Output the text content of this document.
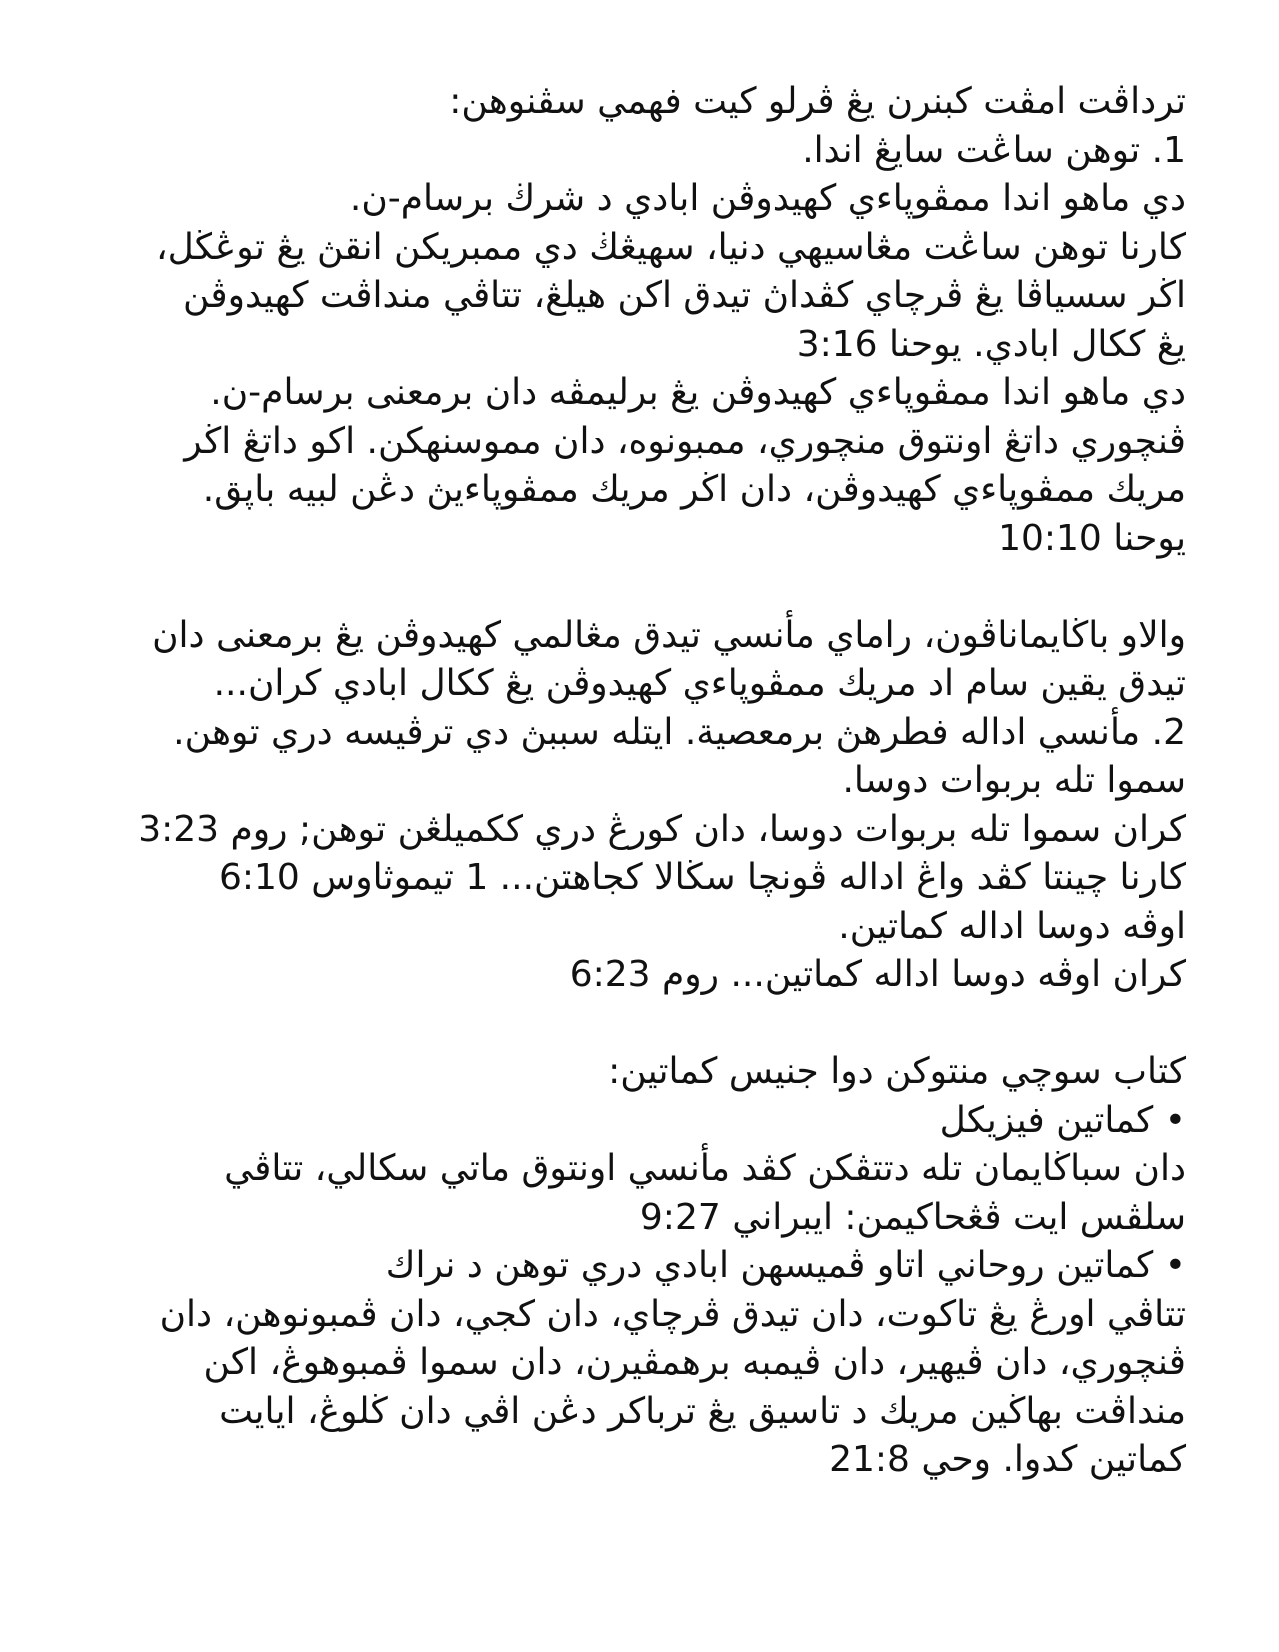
ترداڤت امڤت كبنرن يڠ ڤرلو كيت فهمي سڤنوهن:
1. توهن ساڠت سايڠ اندا.
دي ماهو اندا ممڤوڽاءي كهيدوڤن ابادي د شرڬ برسام-ن.
كارنا توهن ساڠت مڠاسيهي دنيا، سهيڠڬ دي ممبريكن انقڽ يڠ توڠڬل،
اڬر سسياڤا يڠ ڤرچاي كڤداڽ تيدق اكن هيلڠ، تتاڤي منداڤت كهيدوڤن
يڠ ككال ابادي. يوحنا 3:16
دي ماهو اندا ممڤوڽاءي كهيدوڤن يڠ برليمڤه دان برمعنى برسام-ن.
ڤنچوري داتڠ اونتوق منچوري، ممبونوه، دان مموسنهكن. اكو داتڠ اڬر
مريك ممڤوڽاءي كهيدوڤن، دان اڬر مريك ممڤوڽاءيڽ دڠن لبيه باڽق.
يوحنا 10:10
والاو باڬايماناڤون، راماي مأنسي تيدق مڠالمي كهيدوڤن يڠ برمعنى دان
تيدق يقين سام اد مريك ممڤوڽاءي كهيدوڤن يڠ ككال ابادي كران...
2. مأنسي اداله فطرهڽ برمعصية. ايتله سببڽ دي ترڤيسه دري توهن.
سموا تله بربوات دوسا.
كران سموا تله بربوات دوسا، دان كورڠ دري ككميلڠن توهن; روم 3:23
كارنا چينتا كڤد واڠ اداله ڤونچا سڬالا كجاهتن... 1 تيموثاوس 6:10
اوڤه دوسا اداله كماتين.
كران اوڤه دوسا اداله كماتين... روم 6:23
كتاب سوچي منتوكن دوا جنيس كماتين:
• كماتين فيزيكل
دان سباڬايمان تله دتتڤكن كڤد مأنسي اونتوق ماتي سكالي، تتاڤي
سلڤس ايت ڤڠحاكيمن: ايبراني 9:27
• كماتين روحاني اتاو ڤميسهن ابادي دري توهن د نراك
تتاڤي اورڠ يڠ تاكوت، دان تيدق ڤرچاي، دان كجي، دان ڤمبونوهن، دان
ڤنچوري، دان ڤيهير، دان ڤيمبه برهمڤيرن، دان سموا ڤمبوهوڠ، اكن
منداڤت بهاڬين مريك د تاسيق يڠ ترباكر دڠن اڤي دان ڬلوڠ، ايايت
كماتين كدوا. وحي 21:8
